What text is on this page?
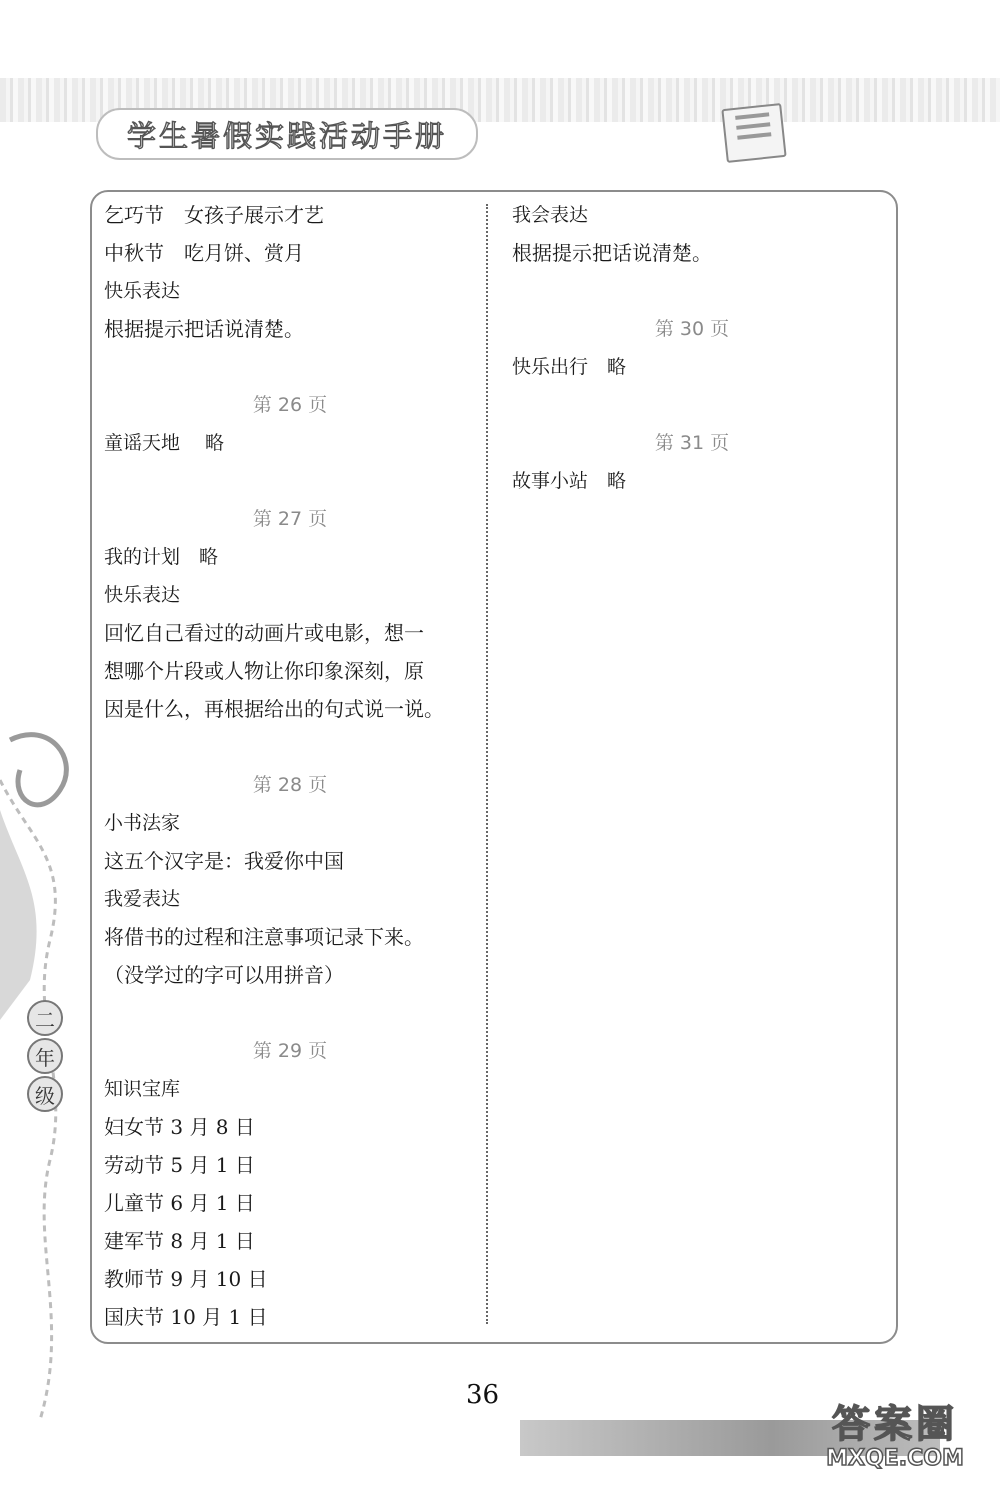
学生暑假实践活动手册
二
年
级
乞巧节　女孩子展示才艺
中秋节　吃月饼、赏月
快乐表达
根据提示把话说清楚。
第 26 页
童谣天地　 略
第 27 页
我的计划　略
快乐表达
回忆自己看过的动画片或电影，想一
想哪个片段或人物让你印象深刻，原
因是什么，再根据给出的句式说一说。
第 28 页
小书法家
这五个汉字是：我爱你中国
我爱表达
将借书的过程和注意事项记录下来。
（没学过的字可以用拼音）
第 29 页
知识宝库
妇女节 3 月 8 日
劳动节 5 月 1 日
儿童节 6 月 1 日
建军节 8 月 1 日
教师节 9 月 10 日
国庆节 10 月 1 日
我会表达
根据提示把话说清楚。
第 30 页
快乐出行　略
第 31 页
故事小站　略
36
答案圈
MXQE.COM
